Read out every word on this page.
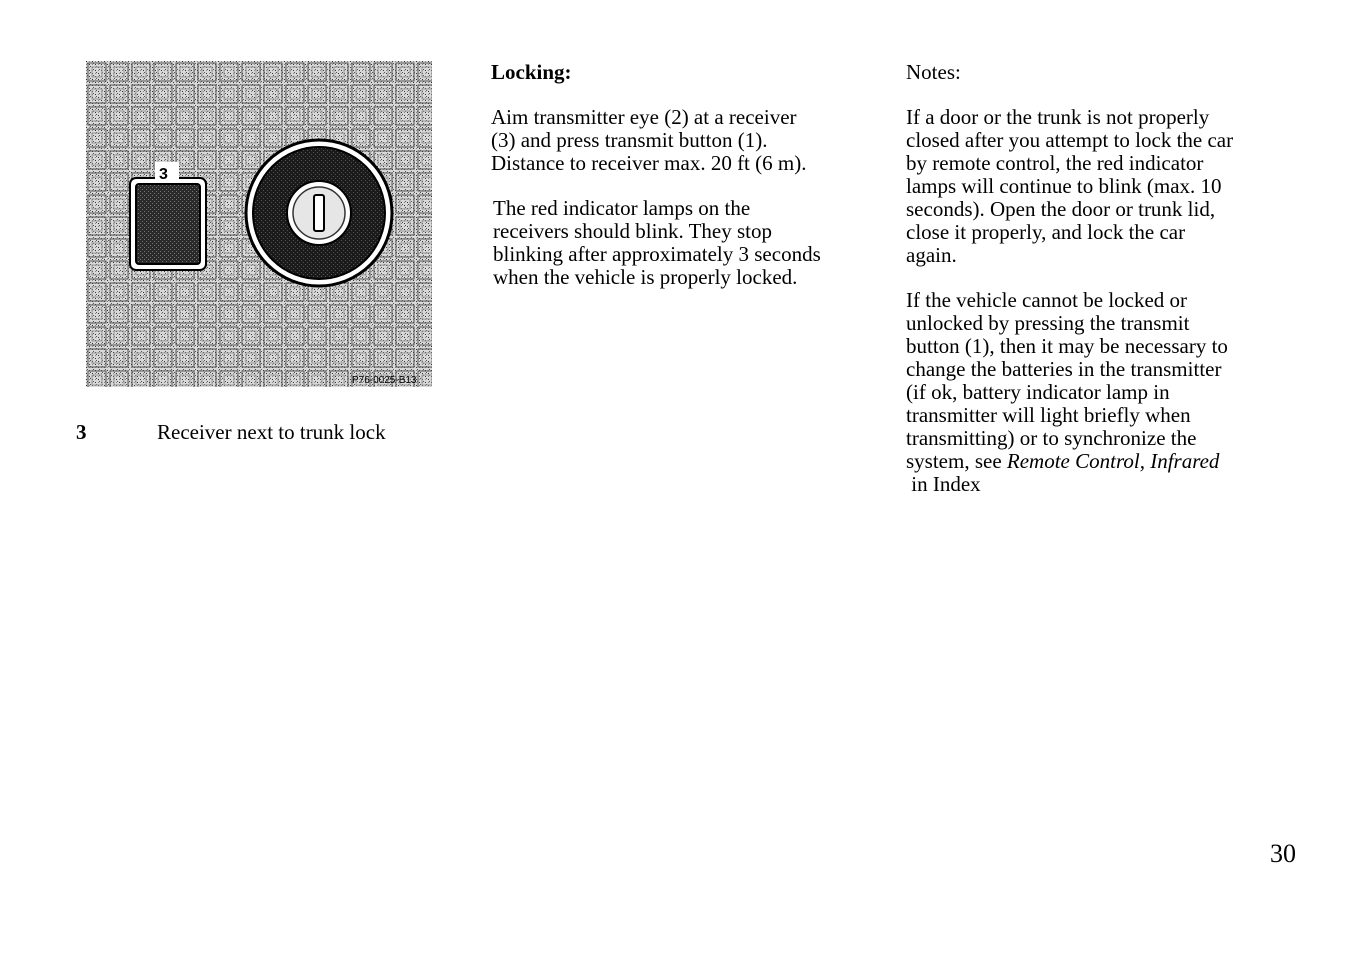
3
P76-0025-B13
3	Receiver next to trunk lock

Locking:

Aim transmitter eye (2) at a receiver

(3) and press transmit button (1).

Distance to receiver max. 20 ft (6 m).

The red indicator lamps on the

receivers should blink. They stop

blinking after approximately 3 seconds

when the vehicle is properly locked.

Notes:

If a door or the trunk is not properly

closed after you attempt to lock the car

by remote control, the red indicator

lamps will continue to blink (max. 10

seconds). Open the door or trunk lid,

close it properly, and lock the car

again.

If the vehicle cannot be locked or

unlocked by pressing the transmit

button (1), then it may be necessary to

change the batteries in the transmitter

(if ok, battery indicator lamp in

transmitter will light briefly when

transmitting) or to synchronize the

system, see Remote Control, Infrared

in Index

30
